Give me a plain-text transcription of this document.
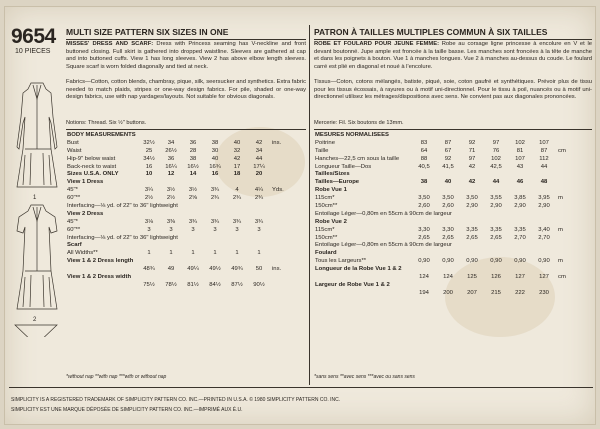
9654
10 PIECES
1
2
MULTI SIZE PATTERN SIX SIZES IN ONE
MISSES' DRESS AND SCARF: Dress with Princess seaming has V-neckline and front buttoned closing. Full skirt is gathered into dropped waistline. Sleeves are gathered at cap and into buttoned cuffs. View 1 has long sleeves. View 2 has above elbow length sleeves. Square scarf is worn folded diagonally and tied at neck.
Fabrics—Cotton, cotton blends, chambray, pique, silk, seersucker and synthetics. Extra fabric needed to match plaids, stripes or one-way design fabrics. For pile, shaded or one-way design fabrics, use with nap yardages/layouts. Not suitable for obvious diagonals.
Notions: Thread. Six ½" buttons.
BODY MEASUREMENTS							
Bust	32½	34	36	38	40	42	ins.
Waist	25	26½	28	30	32	34	
Hip-9" below waist	34½	36	38	40	42	44	
Back-neck to waist	16	16¼	16½	16¾	17	17¼	
Sizes U.S.A. ONLY	10	12	14	16	18	20	
View 1 Dress							
45"*	3¼	3½	3½	3¾	4	4¼	Yds.
60"**	2½	2½	2⅝	2¾	2¾	2¾	
Interfacing—⅛ yd. of 22" to 36" lightweight							
View 2 Dress							
45"*	3⅛	3⅜	3¾	3¾	3¾	3¾	
60"**	3	3	3	3	3	3	
Interfacing—⅛ yd. of 22" to 36" lightweight							
Scarf							
All Widths**	1	1	1	1	1	1	
View 1 & 2 Dress length							
	48¾	49	49¼	49½	49¾	50	ins.
View 1 & 2 Dress width							
	75½	78½	81½	84½	87½	90½	
*without nap **with nap ***with or without nap
PATRON À TAILLES MULTIPLES COMMUN À SIX TAILLES
ROBE ET FOULARD POUR JEUNE FEMME: Robe au corsage ligne princesse à encolure en V et le devant boutonné. Jupe ample est froncée à la taille basse. Les manches sont froncées à la tête de manche et dans les poignets à bouton. Vue 1 à manches longues. Vue 2 à manches au-dessus du coude. Le foulard carré est plié en diagonal et noué à l'encolure.
Tissus—Coton, cotons mélangés, batiste, piqué, soie, coton gaufré et synthétiques. Prévoir plus de tissu pour les tissus écossais, à rayures ou à motif uni-directionnel. Pour le tissu à poil, nuancés ou à motif uni-directionnel utilisez les métrages/dispositions avec sens. Ne convient pas aux diagonales prononcées.
Mercerie: Fil. Six boutons de 13mm.
MESURES NORMALISEES							
Poitrine	83	87	92	97	102	107	
Taille	64	67	71	76	81	87	cm
Hanches—22,5 cm sous la taille	88	92	97	102	107	112	
Longueur Taille—Dos	40,5	41,5	42	42,5	43	44	
Tailles/Sizes							
Tailles—Europe	38	40	42	44	46	48	
Robe Vue 1							
115cm*	3,50	3,50	3,50	3,55	3,85	3,95	m
150cm**	2,60	2,60	2,90	2,90	2,90	2,90	
Entoilage Léger—0,80m en 55cm à 90cm de largeur							
Robe Vue 2							
115cm*	3,30	3,30	3,35	3,35	3,35	3,40	m
150cm**	2,65	2,65	2,65	2,65	2,70	2,70	
Entoilage Léger—0,80m en 55cm à 90cm de largeur							
Foulard							
Tous les Largeurs**	0,90	0,90	0,90	0,90	0,90	0,90	m
Longueur de la Robe Vue 1 & 2							
	124	124	125	126	127	127	cm
Largeur de Robe Vue 1 & 2							
	194	200	207	215	222	230	
*sans sens **avec sens ***avec ou sans sens
SIMPLICITY IS A REGISTERED TRADEMARK OF SIMPLICITY PATTERN CO. INC.—PRINTED IN U.S.A. © 1980 SIMPLICITY PATTERN CO. INC.
SIMPLICITY EST UNE MARQUE DÉPOSÉE DE SIMPLICITY PATTERN CO. INC.—IMPRIMÉ AUX É.U.
